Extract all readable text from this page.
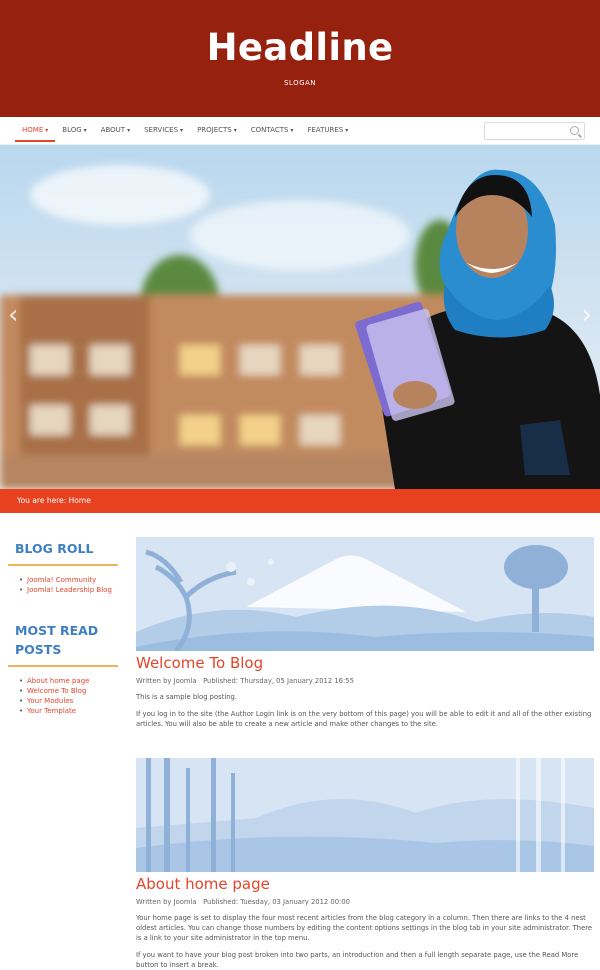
Headline
SLOGAN
HOME ▾	BLOG ▾	ABOUT ▾	SERVICES ▾	PROJECTS ▾	CONTACTS ▾	FEATURES ▾
‹	›
You are here: Home
BLOG ROLL
• Joomla! Community
• Joomla! Leadership Blog
MOST READ POSTS
• About home page
• Welcome To Blog
• Your Modules
• Your Template
Welcome To Blog
Written by Joomla Published: Thursday, 05 January 2012 16:55
This is a sample blog posting.
If you log in to the site (the Author Login link is on the very bottom of this page) you will be able to edit it and all of the other existing articles. You will also be able to create a new article and make other changes to the site.
About home page
Written by Joomla Published: Tuesday, 03 January 2012 00:00
Your home page is set to display the four most recent articles from the blog category in a column. Then there are links to the 4 nest oldest articles. You can change those numbers by editing the content options settings in the blog tab in your site administrator. There is a link to your site administrator in the top menu.
If you want to have your blog post broken into two parts, an introduction and then a full length separate page, use the Read More button to insert a break.
